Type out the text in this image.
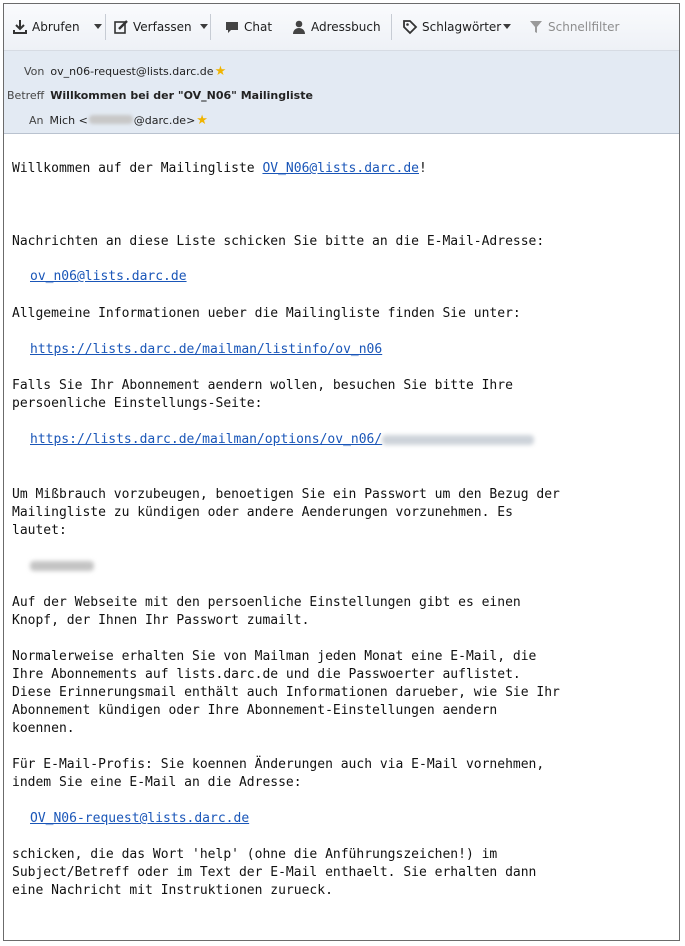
Abrufen	Verfassen	Chat	Adressbuch	Schlagwörter	Schnellfilter
Von ov_n06-request@lists.darc.de ★
Betreff Willkommen bei der "OV_N06" Mailingliste
An Mich <	@darc.de> ★
Willkommen auf der Mailingliste OV_N06@lists.darc.de!
Nachrichten an diese Liste schicken Sie bitte an die E-Mail-Adresse:
ov_n06@lists.darc.de
Allgemeine Informationen ueber die Mailingliste finden Sie unter:
https://lists.darc.de/mailman/listinfo/ov_n06
Falls Sie Ihr Abonnement aendern wollen, besuchen Sie bitte Ihre
persoenliche Einstellungs-Seite:
https://lists.darc.de/mailman/options/ov_n06/
Um Mißbrauch vorzubeugen, benoetigen Sie ein Passwort um den Bezug der
Mailingliste zu kündigen oder andere Aenderungen vorzunehmen. Es
lautet:
Auf der Webseite mit den persoenliche Einstellungen gibt es einen
Knopf, der Ihnen Ihr Passwort zumailt.
Normalerweise erhalten Sie von Mailman jeden Monat eine E-Mail, die
Ihre Abonnements auf lists.darc.de und die Passwoerter auflistet.
Diese Erinnerungsmail enthält auch Informationen darueber, wie Sie Ihr
Abonnement kündigen oder Ihre Abonnement-Einstellungen aendern
koennen.
Für E-Mail-Profis: Sie koennen Änderungen auch via E-Mail vornehmen,
indem Sie eine E-Mail an die Adresse:
OV_N06-request@lists.darc.de
schicken, die das Wort 'help' (ohne die Anführungszeichen!) im
Subject/Betreff oder im Text der E-Mail enthaelt. Sie erhalten dann
eine Nachricht mit Instruktionen zurueck.
